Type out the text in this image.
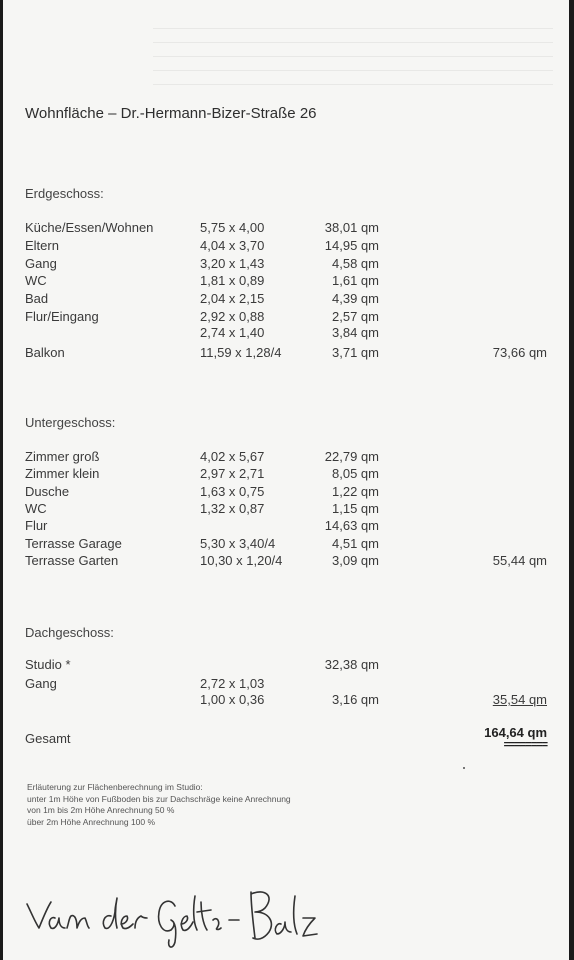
Wohnfläche – Dr.-Hermann-Bizer-Straße 26
Erdgeschoss:
Küche/Essen/Wohnen	5,75 x 4,00	38,01 qm
Eltern	4,04 x 3,70	14,95 qm
Gang	3,20 x 1,43	4,58 qm
WC	1,81 x 0,89	1,61 qm
Bad	2,04 x 2,15	4,39 qm
Flur/Eingang	2,92 x 0,88	2,57 qm
2,74 x 1,40	3,84 qm
Balkon	11,59 x 1,28/4	3,71 qm	73,66 qm
Untergeschoss:
Zimmer groß	4,02 x 5,67	22,79 qm
Zimmer klein	2,97 x 2,71	8,05 qm
Dusche	1,63 x 0,75	1,22 qm
WC	1,32 x 0,87	1,15 qm
Flur	14,63 qm
Terrasse Garage	5,30 x 3,40/4	4,51 qm
Terrasse Garten	10,30 x 1,20/4	3,09 qm	55,44 qm
Dachgeschoss:
Studio *	32,38 qm
Gang	2,72 x 1,03
1,00 x 0,36	3,16 qm	35,54 qm
Gesamt	164,64 qm
========
Erläuterung zur Flächenberechnung im Studio:
unter 1m Höhe von Fußboden bis zur Dachschräge keine Anrechnung
von 1m bis 2m Höhe Anrechnung 50 %
über 2m Höhe Anrechnung 100 %
